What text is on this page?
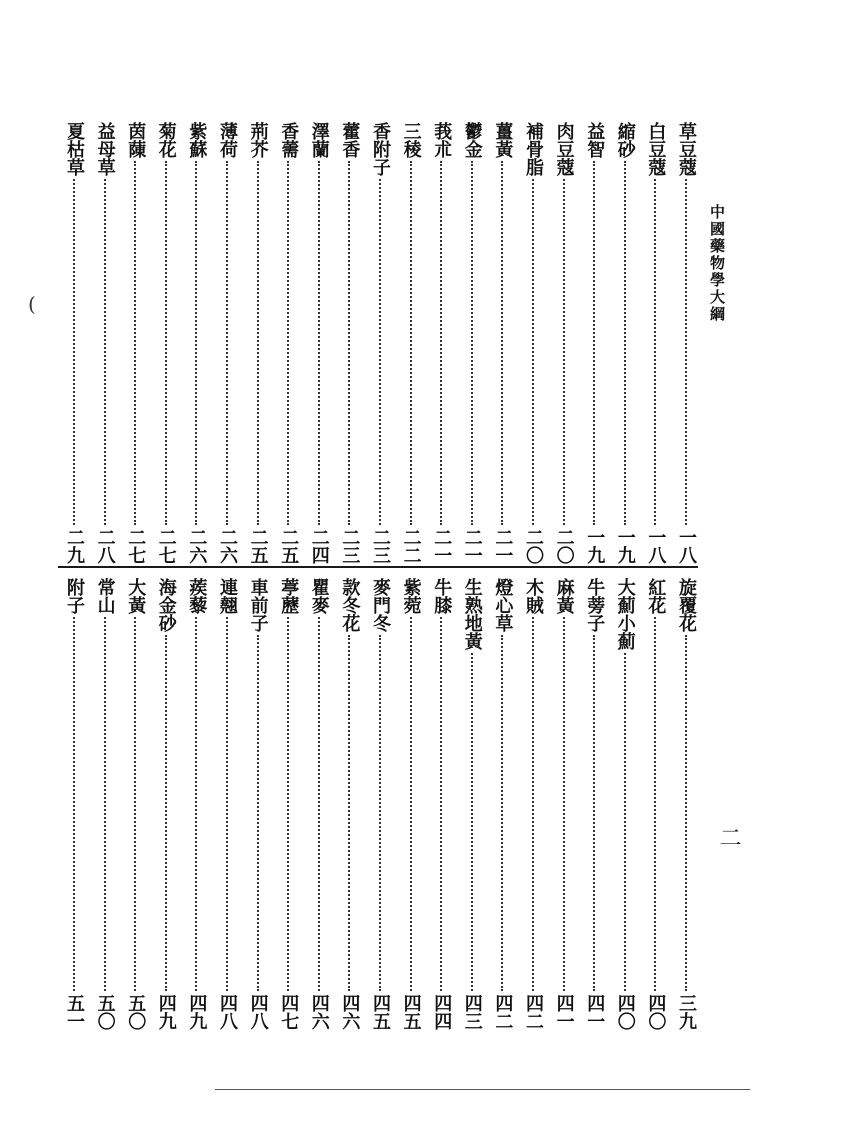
中國藥物學大綱
二
(
草豆蔻
一八
白豆蔻
一八
縮砂
一九
益智
一九
肉豆蔻
二〇
補骨脂
二〇
薑黃
二一
鬱金
二一
莪朮
二一
三稜
二二
香附子
二三
藿香
二三
澤蘭
二四
香薷
二五
荊芥
二五
薄荷
二六
紫蘇
二六
菊花
二七
茵蔯
二七
益母草
二八
夏枯草
二九
旋覆花
三九
紅花
四〇
大薊小薊
四〇
牛蒡子
四一
麻黃
四一
木賊
四二
燈心草
四二
生熟地黃
四三
牛膝
四四
紫菀
四五
麥門冬
四五
款冬花
四六
瞿麥
四六
葶藶
四七
車前子
四八
連翹
四八
蒺藜
四九
海金砂
四九
大黃
五〇
常山
五〇
附子
五一
